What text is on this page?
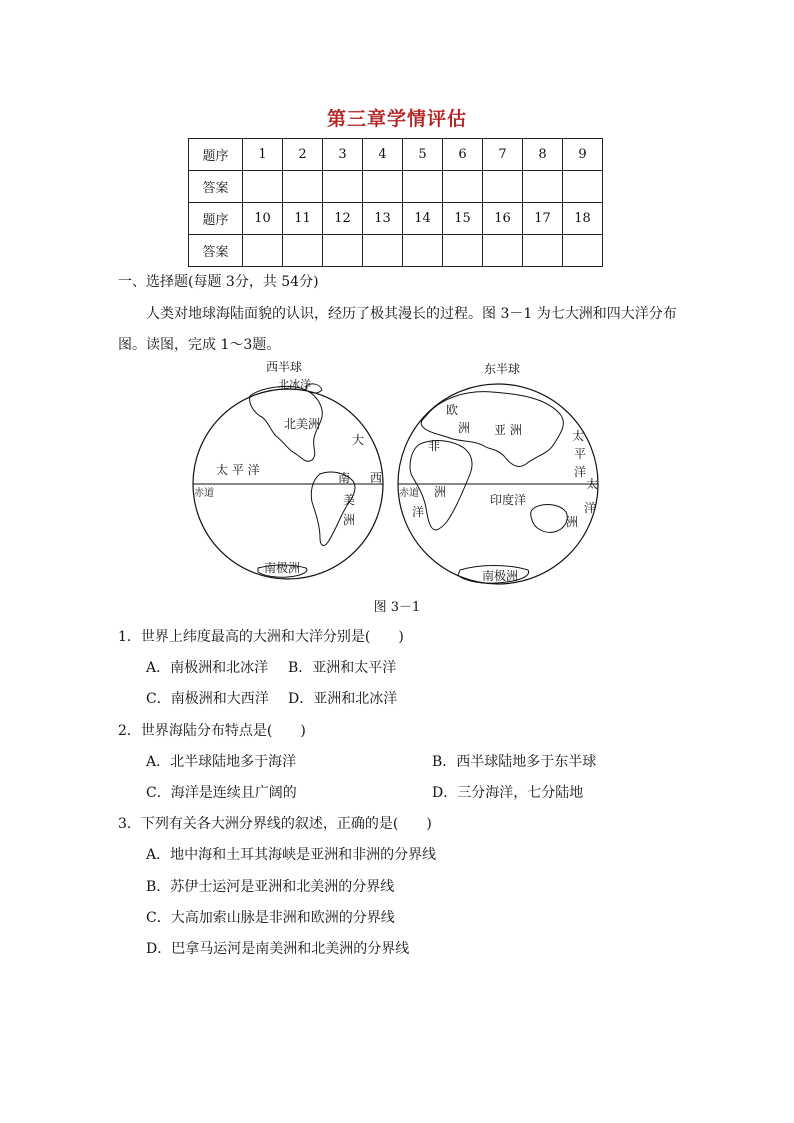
第三章学情评估
题序	1	2	3	4	5	6	7	8	9
答案									
题序	10	11	12	13	14	15	16	17	18
答案									
一、选择题(每题 3分，共 54分)
人类对地球海陆面貌的认识，经历了极其漫长的过程。图 3－1 为七大洲和四大洋分布
图。读图，完成 1～3题。
西半球
北冰洋
北美洲
太 平 洋
大
西
南
美
洲
赤道
南极洲
东半球
欧
洲 亚 洲
非
洲
洋
印度洋
太
平
洋
洲
太
洋
赤道
南极洲
图 3－1
1．世界上纬度最高的大洲和大洋分别是(　　)
A．南极洲和北冰洋 B．亚洲和太平洋
C．南极洲和大西洋 D．亚洲和北冰洋
2．世界海陆分布特点是(　　)
A．北半球陆地多于海洋	B．西半球陆地多于东半球
C．海洋是连续且广阔的	D．三分海洋，七分陆地
3．下列有关各大洲分界线的叙述，正确的是(　　)
A．地中海和土耳其海峡是亚洲和非洲的分界线
B．苏伊士运河是亚洲和北美洲的分界线
C．大高加索山脉是非洲和欧洲的分界线
D．巴拿马运河是南美洲和北美洲的分界线
